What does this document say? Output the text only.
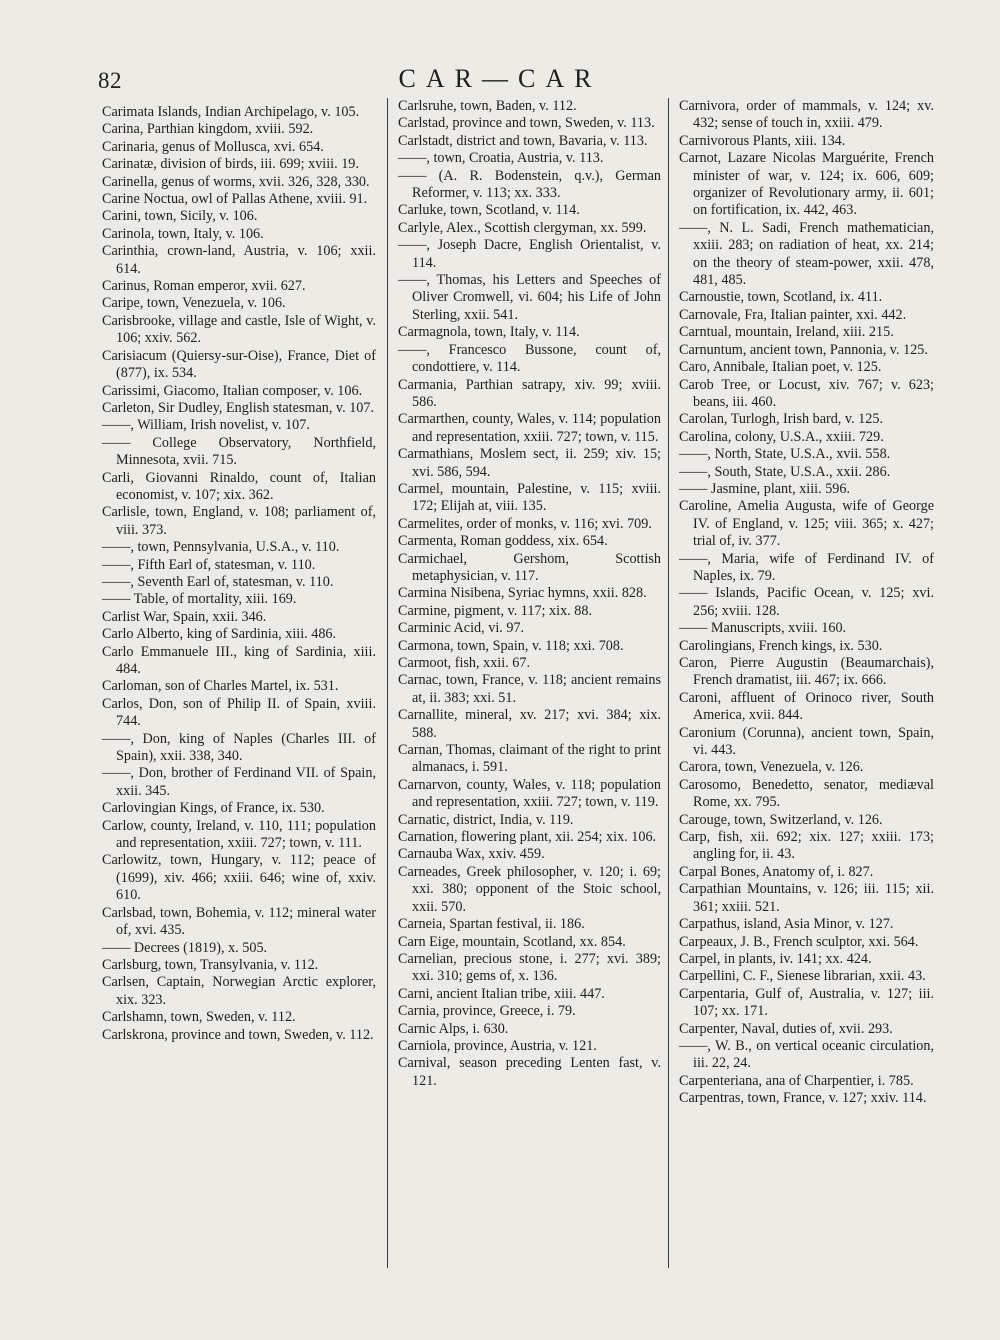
82	CAR—CAR

Carimata Islands, Indian Archipelago, v. 105.

Carina, Parthian kingdom, xviii. 592.

Carinaria, genus of Mollusca, xvi. 654.

Carinatæ, division of birds, iii. 699; xviii. 19.

Carinella, genus of worms, xvii. 326, 328, 330.

Carine Noctua, owl of Pallas Athene, xviii. 91.

Carini, town, Sicily, v. 106.

Carinola, town, Italy, v. 106.

Carinthia, crown-land, Austria, v. 106; xxii. 614.

Carinus, Roman emperor, xvii. 627.

Caripe, town, Venezuela, v. 106.

Carisbrooke, village and castle, Isle of Wight, v. 106; xxiv. 562.

Carisiacum (Quiersy-sur-Oise), France, Diet of (877), ix. 534.

Carissimi, Giacomo, Italian composer, v. 106.

Carleton, Sir Dudley, English statesman, v. 107.

——, William, Irish novelist, v. 107.

—— College Observatory, Northfield, Minnesota, xvii. 715.

Carli, Giovanni Rinaldo, count of, Italian economist, v. 107; xix. 362.

Carlisle, town, England, v. 108; parliament of, viii. 373.

——, town, Pennsylvania, U.S.A., v. 110.

——, Fifth Earl of, statesman, v. 110.

——, Seventh Earl of, statesman, v. 110.

—— Table, of mortality, xiii. 169.

Carlist War, Spain, xxii. 346.

Carlo Alberto, king of Sardinia, xiii. 486.

Carlo Emmanuele III., king of Sardinia, xiii. 484.

Carloman, son of Charles Martel, ix. 531.

Carlos, Don, son of Philip II. of Spain, xviii. 744.

——, Don, king of Naples (Charles III. of Spain), xxii. 338, 340.

——, Don, brother of Ferdinand VII. of Spain, xxii. 345.

Carlovingian Kings, of France, ix. 530.

Carlow, county, Ireland, v. 110, 111; population and representation, xxiii. 727; town, v. 111.

Carlowitz, town, Hungary, v. 112; peace of (1699), xiv. 466; xxiii. 646; wine of, xxiv. 610.

Carlsbad, town, Bohemia, v. 112; mineral water of, xvi. 435.

—— Decrees (1819), x. 505.

Carlsburg, town, Transylvania, v. 112.

Carlsen, Captain, Norwegian Arctic explorer, xix. 323.

Carlshamn, town, Sweden, v. 112.

Carlskrona, province and town, Sweden, v. 112.

Carlsruhe, town, Baden, v. 112.

Carlstad, province and town, Sweden, v. 113.

Carlstadt, district and town, Bavaria, v. 113.

——, town, Croatia, Austria, v. 113.

—— (A. R. Bodenstein, q.v.), German Reformer, v. 113; xx. 333.

Carluke, town, Scotland, v. 114.

Carlyle, Alex., Scottish clergyman, xx. 599.

——, Joseph Dacre, English Orientalist, v. 114.

——, Thomas, his Letters and Speeches of Oliver Cromwell, vi. 604; his Life of John Sterling, xxii. 541.

Carmagnola, town, Italy, v. 114.

——, Francesco Bussone, count of, condottiere, v. 114.

Carmania, Parthian satrapy, xiv. 99; xviii. 586.

Carmarthen, county, Wales, v. 114; population and representation, xxiii. 727; town, v. 115.

Carmathians, Moslem sect, ii. 259; xiv. 15; xvi. 586, 594.

Carmel, mountain, Palestine, v. 115; xviii. 172; Elijah at, viii. 135.

Carmelites, order of monks, v. 116; xvi. 709.

Carmenta, Roman goddess, xix. 654.

Carmichael, Gershom, Scottish metaphysician, v. 117.

Carmina Nisibena, Syriac hymns, xxii. 828.

Carmine, pigment, v. 117; xix. 88.

Carminic Acid, vi. 97.

Carmona, town, Spain, v. 118; xxi. 708.

Carmoot, fish, xxii. 67.

Carnac, town, France, v. 118; ancient remains at, ii. 383; xxi. 51.

Carnallite, mineral, xv. 217; xvi. 384; xix. 588.

Carnan, Thomas, claimant of the right to print almanacs, i. 591.

Carnarvon, county, Wales, v. 118; population and representation, xxiii. 727; town, v. 119.

Carnatic, district, India, v. 119.

Carnation, flowering plant, xii. 254; xix. 106.

Carnauba Wax, xxiv. 459.

Carneades, Greek philosopher, v. 120; i. 69; xxi. 380; opponent of the Stoic school, xxii. 570.

Carneia, Spartan festival, ii. 186.

Carn Eige, mountain, Scotland, xx. 854.

Carnelian, precious stone, i. 277; xvi. 389; xxi. 310; gems of, x. 136.

Carni, ancient Italian tribe, xiii. 447.

Carnia, province, Greece, i. 79.

Carnic Alps, i. 630.

Carniola, province, Austria, v. 121.

Carnival, season preceding Lenten fast, v. 121.

Carnivora, order of mammals, v. 124; xv. 432; sense of touch in, xxiii. 479.

Carnivorous Plants, xiii. 134.

Carnot, Lazare Nicolas Marguérite, French minister of war, v. 124; ix. 606, 609; organizer of Revolutionary army, ii. 601; on fortification, ix. 442, 463.

——, N. L. Sadi, French mathematician, xxiii. 283; on radiation of heat, xx. 214; on the theory of steam-power, xxii. 478, 481, 485.

Carnoustie, town, Scotland, ix. 411.

Carnovale, Fra, Italian painter, xxi. 442.

Carntual, mountain, Ireland, xiii. 215.

Carnuntum, ancient town, Pannonia, v. 125.

Caro, Annibale, Italian poet, v. 125.

Carob Tree, or Locust, xiv. 767; v. 623; beans, iii. 460.

Carolan, Turlogh, Irish bard, v. 125.

Carolina, colony, U.S.A., xxiii. 729.

——, North, State, U.S.A., xvii. 558.

——, South, State, U.S.A., xxii. 286.

—— Jasmine, plant, xiii. 596.

Caroline, Amelia Augusta, wife of George IV. of England, v. 125; viii. 365; x. 427; trial of, iv. 377.

——, Maria, wife of Ferdinand IV. of Naples, ix. 79.

—— Islands, Pacific Ocean, v. 125; xvi. 256; xviii. 128.

—— Manuscripts, xviii. 160.

Carolingians, French kings, ix. 530.

Caron, Pierre Augustin (Beaumarchais), French dramatist, iii. 467; ix. 666.

Caroni, affluent of Orinoco river, South America, xvii. 844.

Caronium (Corunna), ancient town, Spain, vi. 443.

Carora, town, Venezuela, v. 126.

Carosomo, Benedetto, senator, mediæval Rome, xx. 795.

Carouge, town, Switzerland, v. 126.

Carp, fish, xii. 692; xix. 127; xxiii. 173; angling for, ii. 43.

Carpal Bones, Anatomy of, i. 827.

Carpathian Mountains, v. 126; iii. 115; xii. 361; xxiii. 521.

Carpathus, island, Asia Minor, v. 127.

Carpeaux, J. B., French sculptor, xxi. 564.

Carpel, in plants, iv. 141; xx. 424.

Carpellini, C. F., Sienese librarian, xxii. 43.

Carpentaria, Gulf of, Australia, v. 127; iii. 107; xx. 171.

Carpenter, Naval, duties of, xvii. 293.

——, W. B., on vertical oceanic circulation, iii. 22, 24.

Carpenteriana, ana of Charpentier, i. 785.

Carpentras, town, France, v. 127; xxiv. 114.
